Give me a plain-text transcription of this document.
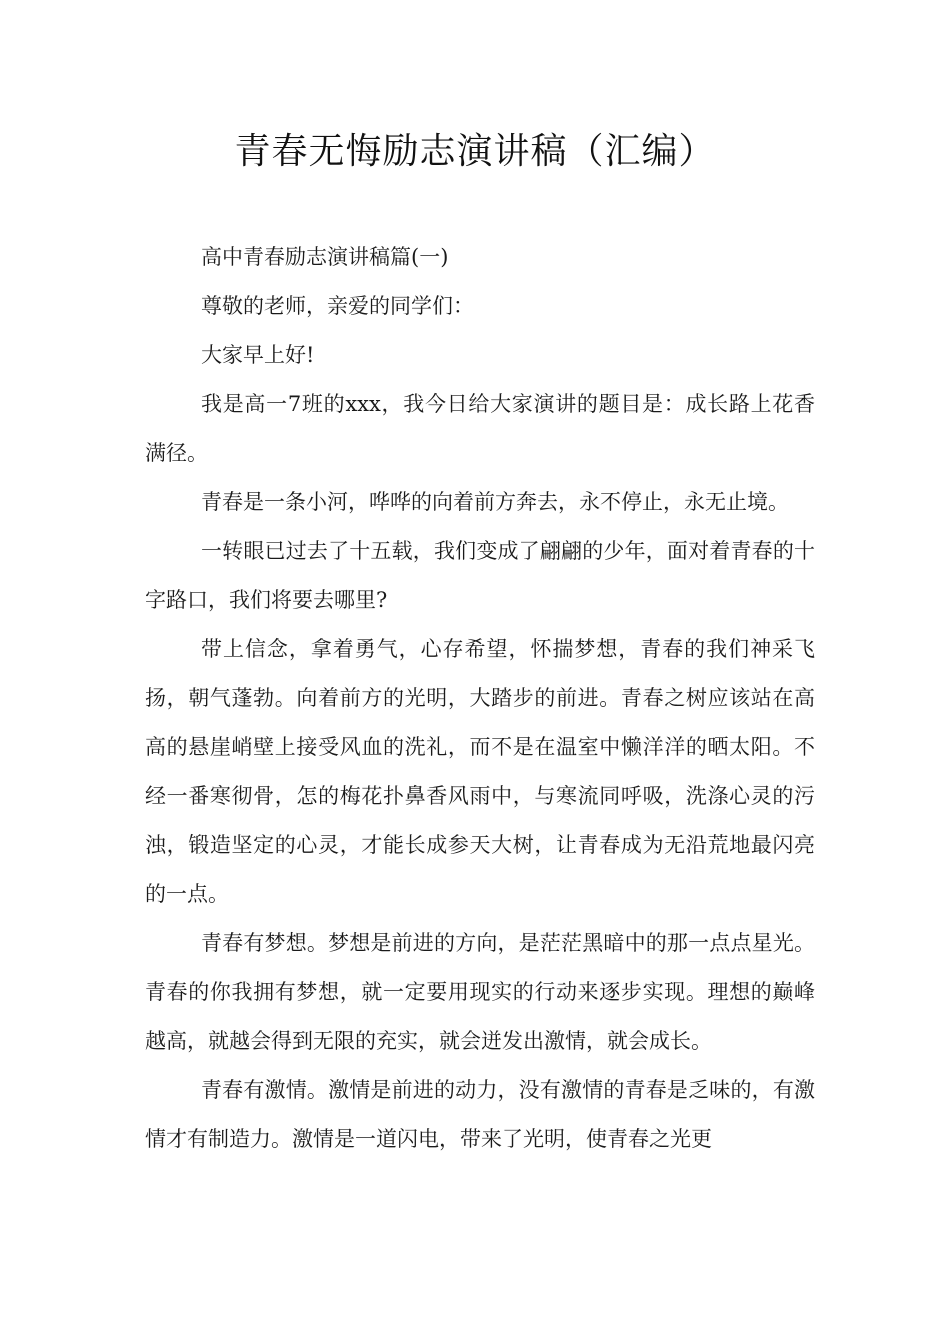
青春无悔励志演讲稿（汇编）

高中青春励志演讲稿篇(一)

尊敬的老师，亲爱的同学们：

大家早上好!

我是高一7班的xxx，我今日给大家演讲的题目是：成长路上花香满径。

青春是一条小河，哗哗的向着前方奔去，永不停止，永无止境。

一转眼已过去了十五载，我们变成了翩翩的少年，面对着青春的十字路口，我们将要去哪里?

带上信念，拿着勇气，心存希望，怀揣梦想，青春的我们神采飞扬，朝气蓬勃。向着前方的光明，大踏步的前进。青春之树应该站在高高的悬崖峭壁上接受风血的洗礼，而不是在温室中懒洋洋的晒太阳。不经一番寒彻骨，怎的梅花扑鼻香风雨中，与寒流同呼吸，洗涤心灵的污浊，锻造坚定的心灵，才能长成参天大树，让青春成为无沿荒地最闪亮的一点。

青春有梦想。梦想是前进的方向，是茫茫黑暗中的那一点点星光。青春的你我拥有梦想，就一定要用现实的行动来逐步实现。理想的巅峰越高，就越会得到无限的充实，就会迸发出激情，就会成长。

青春有激情。激情是前进的动力，没有激情的青春是乏味的，有激情才有制造力。激情是一道闪电，带来了光明，使青春之光更
